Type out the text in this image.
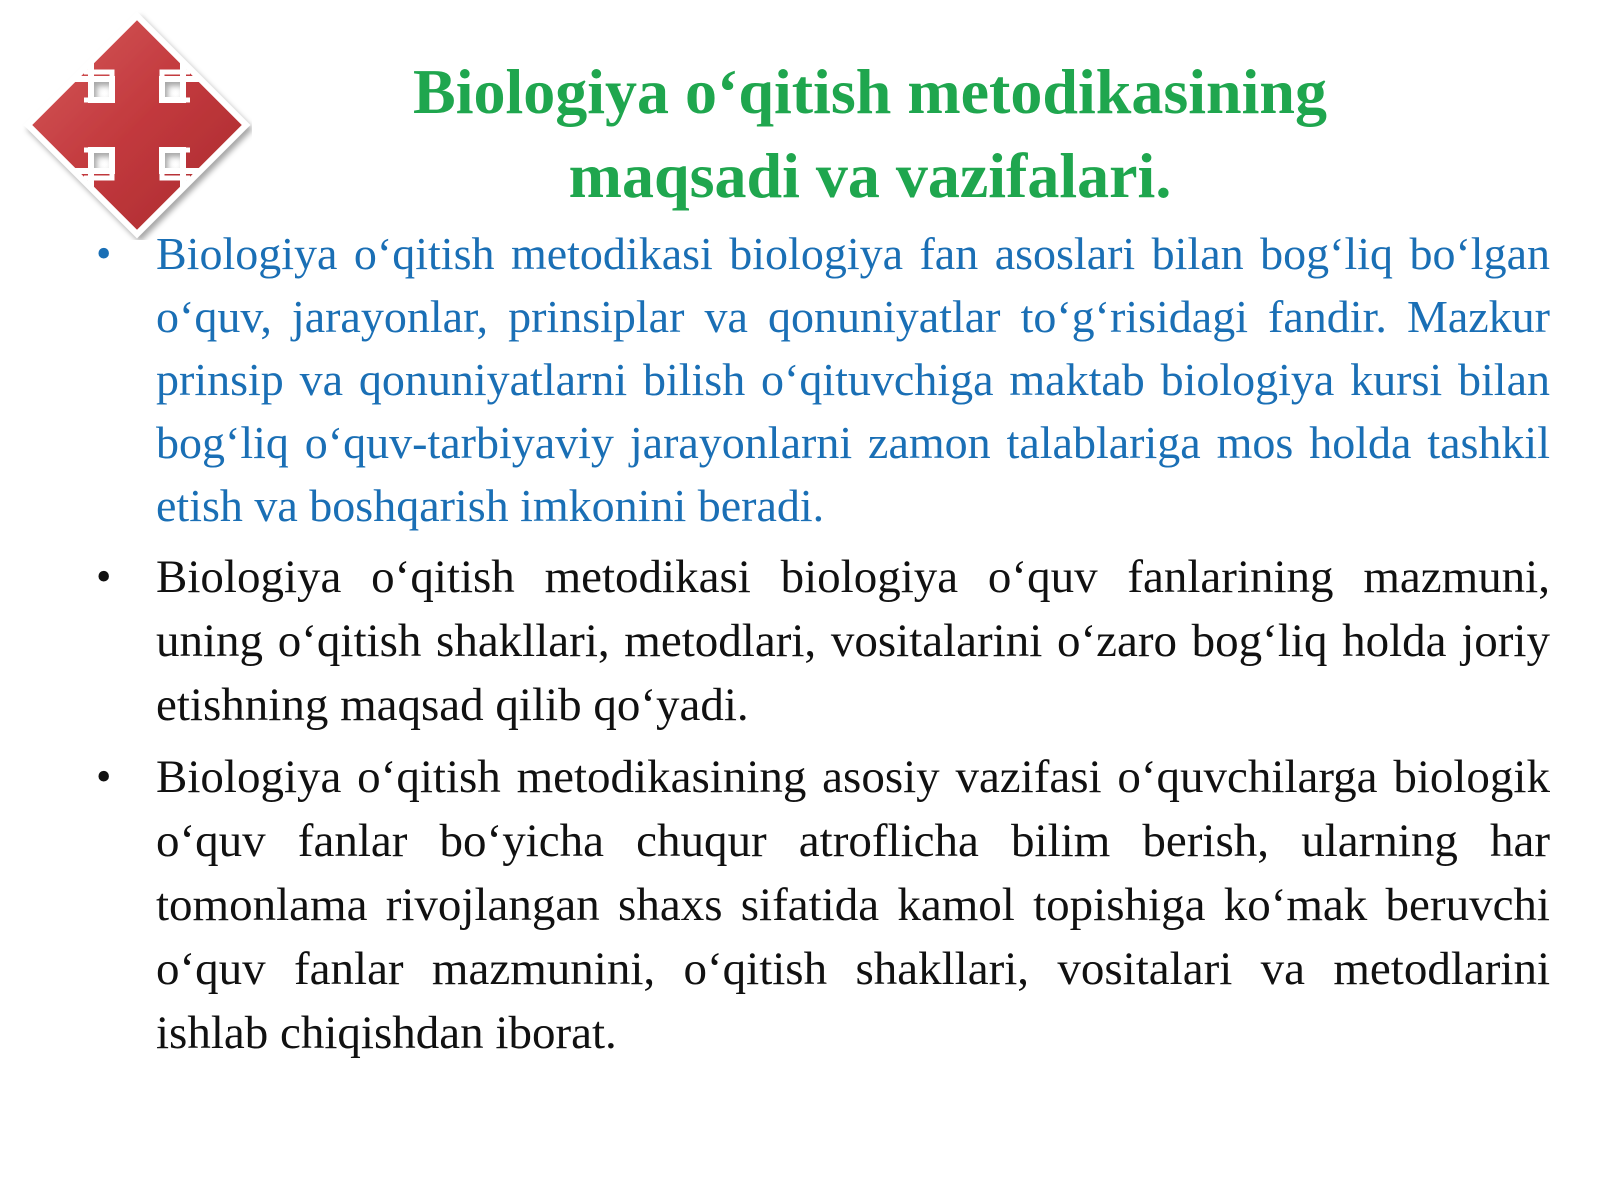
Biologiya o‘qitish metodikasining
maqsadi va vazifalari.
• Biologiya o‘qitish metodikasi biologiya fan asoslari bilan bog‘liq bo‘lgan o‘quv, jarayonlar, prinsiplar va qonuniyatlar to‘g‘risidagi fandir. Mazkur prinsip va qonuniyatlarni bilish o‘qituvchiga maktab biologiya kursi bilan bog‘liq o‘quv-tarbiyaviy jarayonlarni zamon talablariga mos holda tashkil etish va boshqarish imkonini beradi.
• Biologiya o‘qitish metodikasi biologiya o‘quv fanlarining mazmuni, uning o‘qitish shakllari, metodlari, vositalarini o‘zaro bog‘liq holda joriy etishning maqsad qilib qo‘yadi.
• Biologiya o‘qitish metodikasining asosiy vazifasi o‘quvchilarga biologik o‘quv fanlar bo‘yicha chuqur atroflicha bilim berish, ularning har tomonlama rivojlangan shaxs sifatida kamol topishiga ko‘mak beruvchi o‘quv fanlar mazmunini, o‘qitish shakllari, vositalari va metodlarini ishlab chiqishdan iborat.
